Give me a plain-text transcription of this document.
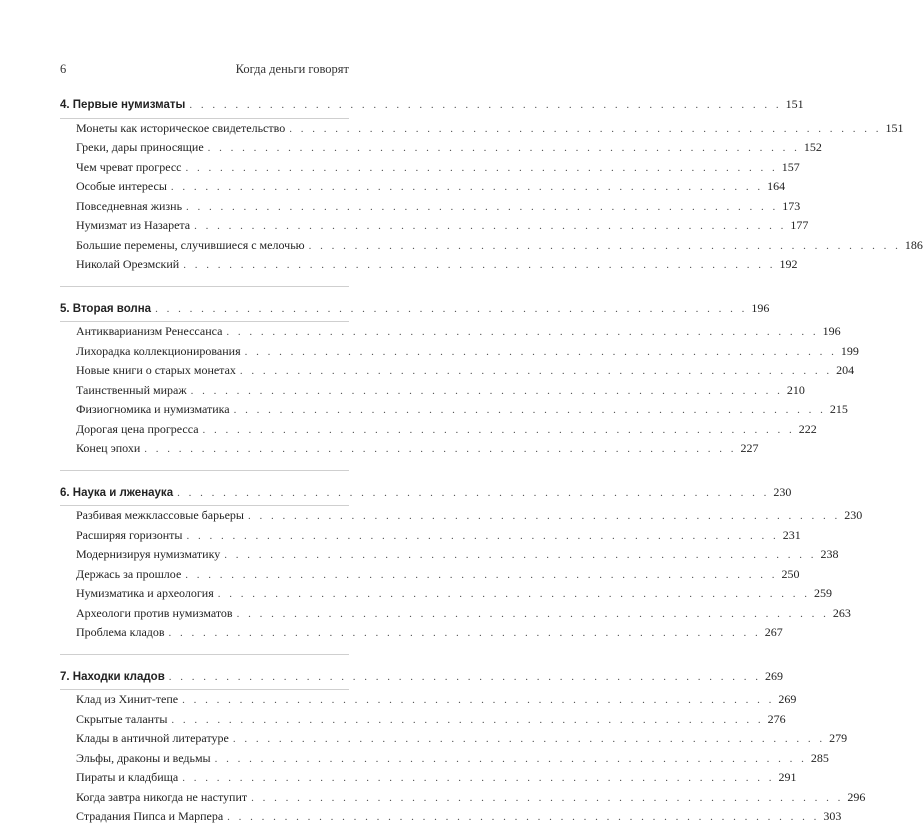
6	Когда деньги говорят
4. Первые нумизматы . . . . . . . . . . . . . . . . . . . . . . . . . . . . . . . . . . . . . . . . . . . . . . . . . . . . 151
Монеты как историческое свидетельство . . . . . . . . . . . . . . . . . . . . . . . . . . . . . . . . . . . . . . . . . . . . . . . . . . . . 151
Греки, дары приносящие . . . . . . . . . . . . . . . . . . . . . . . . . . . . . . . . . . . . . . . . . . . . . . . . . . . . 152
Чем чреват прогресс . . . . . . . . . . . . . . . . . . . . . . . . . . . . . . . . . . . . . . . . . . . . . . . . . . . . 157
Особые интересы . . . . . . . . . . . . . . . . . . . . . . . . . . . . . . . . . . . . . . . . . . . . . . . . . . . . 164
Повседневная жизнь . . . . . . . . . . . . . . . . . . . . . . . . . . . . . . . . . . . . . . . . . . . . . . . . . . . . 173
Нумизмат из Назарета . . . . . . . . . . . . . . . . . . . . . . . . . . . . . . . . . . . . . . . . . . . . . . . . . . . . 177
Большие перемены, случившиеся с мелочью . . . . . . . . . . . . . . . . . . . . . . . . . . . . . . . . . . . . . . . . . . . . . . . . . . . . 186
Николай Орезмский . . . . . . . . . . . . . . . . . . . . . . . . . . . . . . . . . . . . . . . . . . . . . . . . . . . . 192
5. Вторая волна . . . . . . . . . . . . . . . . . . . . . . . . . . . . . . . . . . . . . . . . . . . . . . . . . . . . 196
Антикварианизм Ренессанса . . . . . . . . . . . . . . . . . . . . . . . . . . . . . . . . . . . . . . . . . . . . . . . . . . . . 196
Лихорадка коллекционирования . . . . . . . . . . . . . . . . . . . . . . . . . . . . . . . . . . . . . . . . . . . . . . . . . . . . 199
Новые книги о старых монетах . . . . . . . . . . . . . . . . . . . . . . . . . . . . . . . . . . . . . . . . . . . . . . . . . . . . 204
Таинственный мираж . . . . . . . . . . . . . . . . . . . . . . . . . . . . . . . . . . . . . . . . . . . . . . . . . . . . 210
Физиогномика и нумизматика . . . . . . . . . . . . . . . . . . . . . . . . . . . . . . . . . . . . . . . . . . . . . . . . . . . . 215
Дорогая цена прогресса . . . . . . . . . . . . . . . . . . . . . . . . . . . . . . . . . . . . . . . . . . . . . . . . . . . . 222
Конец эпохи . . . . . . . . . . . . . . . . . . . . . . . . . . . . . . . . . . . . . . . . . . . . . . . . . . . . 227
6. Наука и лженаука . . . . . . . . . . . . . . . . . . . . . . . . . . . . . . . . . . . . . . . . . . . . . . . . . . . . 230
Разбивая межклассовые барьеры . . . . . . . . . . . . . . . . . . . . . . . . . . . . . . . . . . . . . . . . . . . . . . . . . . . . 230
Расширяя горизонты . . . . . . . . . . . . . . . . . . . . . . . . . . . . . . . . . . . . . . . . . . . . . . . . . . . . 231
Модернизируя нумизматику . . . . . . . . . . . . . . . . . . . . . . . . . . . . . . . . . . . . . . . . . . . . . . . . . . . . 238
Держась за прошлое . . . . . . . . . . . . . . . . . . . . . . . . . . . . . . . . . . . . . . . . . . . . . . . . . . . . 250
Нумизматика и археология . . . . . . . . . . . . . . . . . . . . . . . . . . . . . . . . . . . . . . . . . . . . . . . . . . . . 259
Археологи против нумизматов . . . . . . . . . . . . . . . . . . . . . . . . . . . . . . . . . . . . . . . . . . . . . . . . . . . . 263
Проблема кладов . . . . . . . . . . . . . . . . . . . . . . . . . . . . . . . . . . . . . . . . . . . . . . . . . . . . 267
7. Находки кладов . . . . . . . . . . . . . . . . . . . . . . . . . . . . . . . . . . . . . . . . . . . . . . . . . . . . 269
Клад из Хинит-тепе . . . . . . . . . . . . . . . . . . . . . . . . . . . . . . . . . . . . . . . . . . . . . . . . . . . . 269
Скрытые таланты . . . . . . . . . . . . . . . . . . . . . . . . . . . . . . . . . . . . . . . . . . . . . . . . . . . . 276
Клады в античной литературе . . . . . . . . . . . . . . . . . . . . . . . . . . . . . . . . . . . . . . . . . . . . . . . . . . . . 279
Эльфы, драконы и ведьмы . . . . . . . . . . . . . . . . . . . . . . . . . . . . . . . . . . . . . . . . . . . . . . . . . . . . 285
Пираты и кладбища . . . . . . . . . . . . . . . . . . . . . . . . . . . . . . . . . . . . . . . . . . . . . . . . . . . . 291
Когда завтра никогда не наступит . . . . . . . . . . . . . . . . . . . . . . . . . . . . . . . . . . . . . . . . . . . . . . . . . . . . 296
Страдания Пипса и Марпера . . . . . . . . . . . . . . . . . . . . . . . . . . . . . . . . . . . . . . . . . . . . . . . . . . . . 303
